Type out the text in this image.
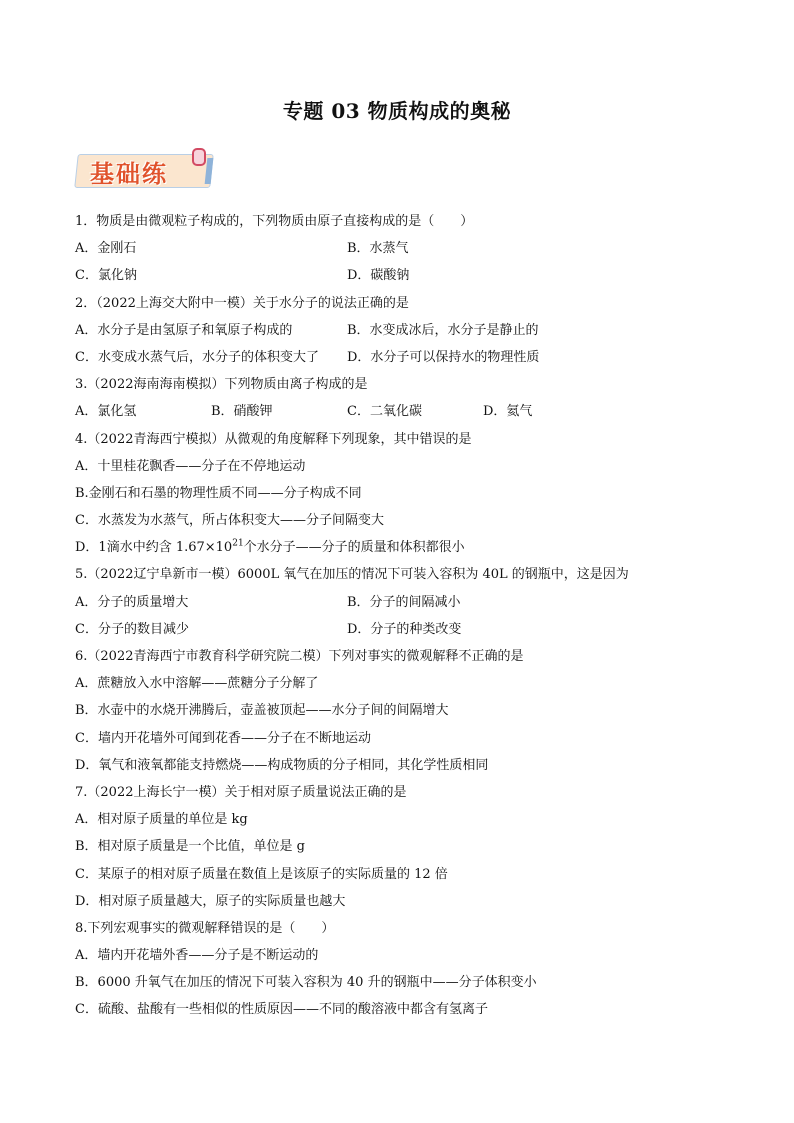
专题 03 物质构成的奥秘
基础练
1．物质是由微观粒子构成的，下列物质由原子直接构成的是（　　）
A．金刚石	B．水蒸气
C．氯化钠	D．碳酸钠
2．（2022上海交大附中一模）关于水分子的说法正确的是
A．水分子是由氢原子和氧原子构成的	B．水变成冰后，水分子是静止的
C．水变成水蒸气后，水分子的体积变大了	D．水分子可以保持水的物理性质
3.（2022海南海南模拟）下列物质由离子构成的是
A．氯化氢	B．硝酸钾	C．二氧化碳	D．氦气
4.（2022青海西宁模拟）从微观的角度解释下列现象，其中错误的是
A．十里桂花飘香——分子在不停地运动
B.金刚石和石墨的物理性质不同——分子构成不同
C．水蒸发为水蒸气，所占体积变大——分子间隔变大
D．1滴水中约含 $1.67\times 10^{21}$个水分子——分子的质量和体积都很小
5.（2022辽宁阜新市一模）6000L 氧气在加压的情况下可装入容积为 40L 的钢瓶中，这是因为
A．分子的质量增大	B．分子的间隔减小
C．分子的数目减少	D．分子的种类改变
6.（2022青海西宁市教育科学研究院二模）下列对事实的微观解释不正确的是
A．蔗糖放入水中溶解——蔗糖分子分解了
B．水壶中的水烧开沸腾后，壶盖被顶起——水分子间的间隔增大
C．墙内开花墙外可闻到花香——分子在不断地运动
D．氧气和液氧都能支持燃烧——构成物质的分子相同，其化学性质相同
7.（2022上海长宁一模）关于相对原子质量说法正确的是
A．相对原子质量的单位是 kg
B．相对原子质量是一个比值，单位是 g
C．某原子的相对原子质量在数值上是该原子的实际质量的 12 倍
D．相对原子质量越大，原子的实际质量也越大
8.下列宏观事实的微观解释错误的是（　　）
A．墙内开花墙外香——分子是不断运动的
B．6000 升氧气在加压的情况下可装入容积为 40 升的钢瓶中——分子体积变小
C．硫酸、盐酸有一些相似的性质原因——不同的酸溶液中都含有氢离子
